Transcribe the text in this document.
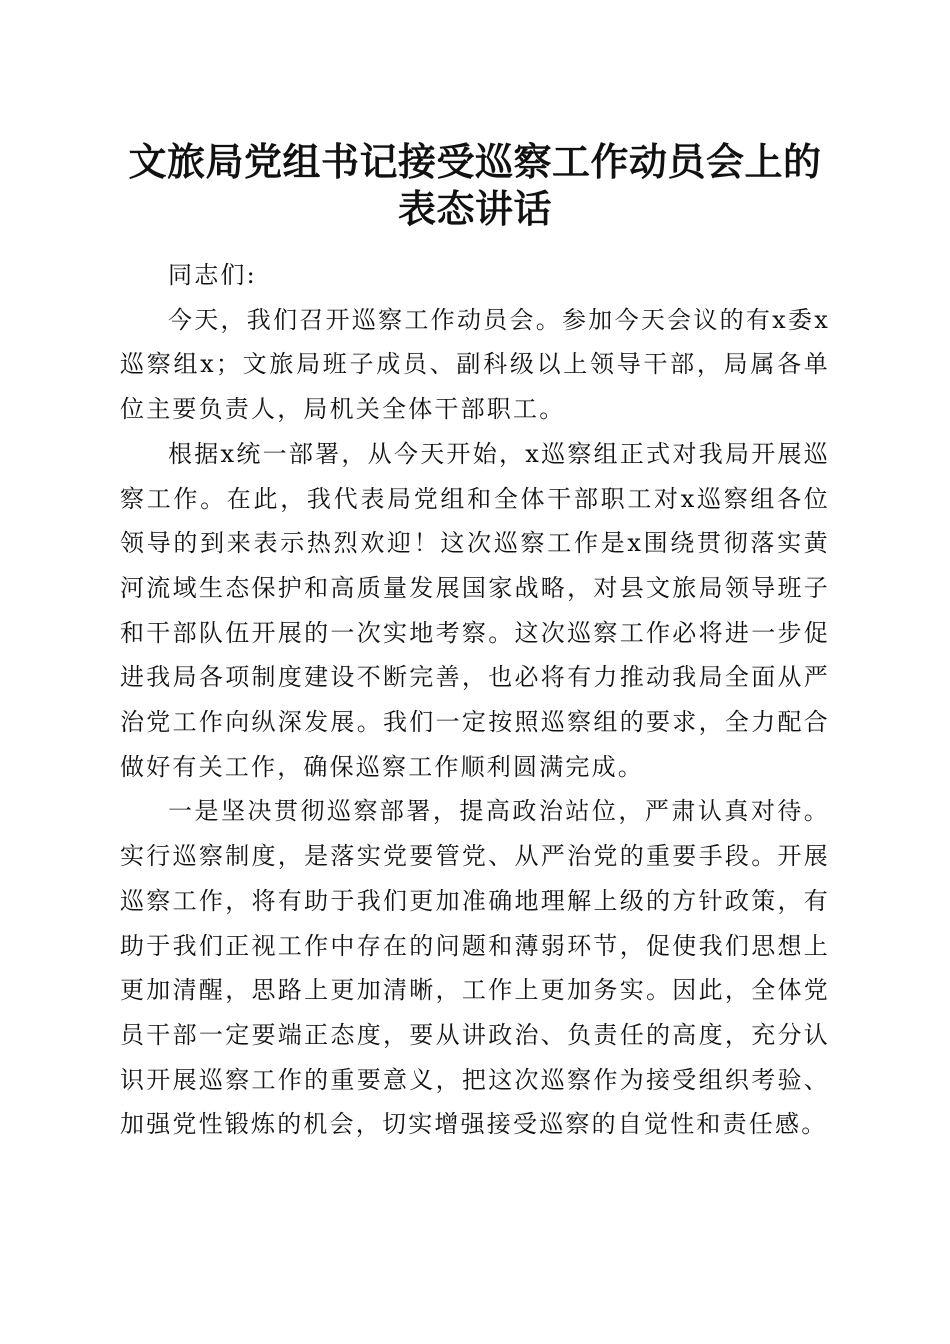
文旅局党组书记接受巡察工作动员会上的表态讲话

同志们:

今天，我们召开巡察工作动员会。参加今天会议的有x委x巡察组x；文旅局班子成员、副科级以上领导干部，局属各单位主要负责人，局机关全体干部职工。

根据x统一部署，从今天开始，x巡察组正式对我局开展巡察工作。在此，我代表局党组和全体干部职工对x巡察组各位领导的到来表示热烈欢迎！这次巡察工作是x围绕贯彻落实黄河流域生态保护和高质量发展国家战略，对县文旅局领导班子和干部队伍开展的一次实地考察。这次巡察工作必将进一步促进我局各项制度建设不断完善，也必将有力推动我局全面从严治党工作向纵深发展。我们一定按照巡察组的要求，全力配合做好有关工作，确保巡察工作顺利圆满完成。

一是坚决贯彻巡察部署，提高政治站位，严肃认真对待。实行巡察制度，是落实党要管党、从严治党的重要手段。开展巡察工作，将有助于我们更加准确地理解上级的方针政策，有助于我们正视工作中存在的问题和薄弱环节，促使我们思想上更加清醒，思路上更加清晰，工作上更加务实。因此，全体党员干部一定要端正态度，要从讲政治、负责任的高度，充分认识开展巡察工作的重要意义，把这次巡察作为接受组织考验、加强党性锻炼的机会，切实增强接受巡察的自觉性和责任感。
